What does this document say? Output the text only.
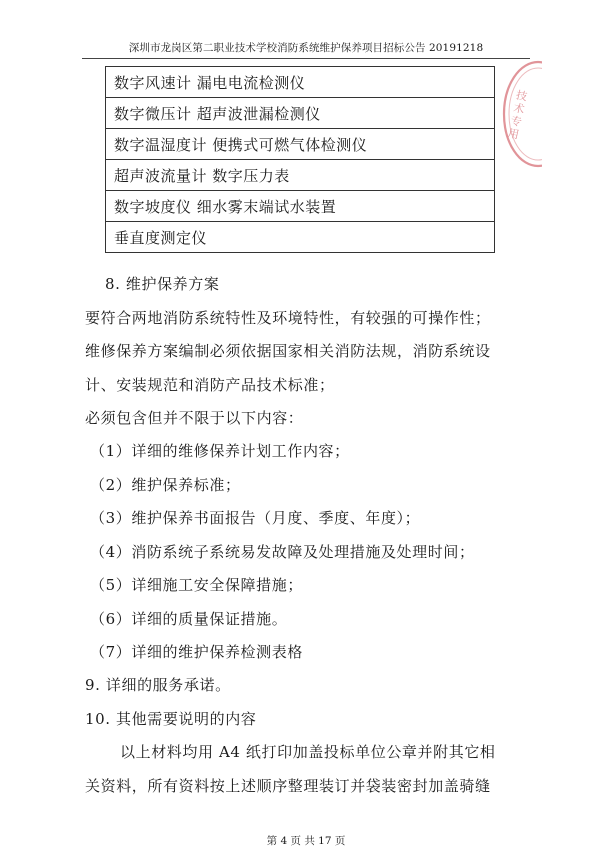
深圳市龙岗区第二职业技术学校消防系统维护保养项目招标公告 20191218
数字风速计 漏电电流检测仪
数字微压计 超声波泄漏检测仪
数字温湿度计 便携式可燃气体检测仪
超声波流量计 数字压力表
数字坡度仪 细水雾末端试水装置
垂直度测定仪
技术专用
8. 维护保养方案
要符合两地消防系统特性及环境特性，有较强的可操作性；
维修保养方案编制必须依据国家相关消防法规，消防系统设
计、安装规范和消防产品技术标准；
必须包含但并不限于以下内容：
（1）详细的维修保养计划工作内容；
（2）维护保养标准；
（3）维护保养书面报告（月度、季度、年度）；
（4）消防系统子系统易发故障及处理措施及处理时间；
（5）详细施工安全保障措施；
（6）详细的质量保证措施。
（7）详细的维护保养检测表格
9. 详细的服务承诺。
10. 其他需要说明的内容
以上材料均用 A4 纸打印加盖投标单位公章并附其它相
关资料，所有资料按上述顺序整理装订并袋装密封加盖骑缝
第 4 页 共 17 页
